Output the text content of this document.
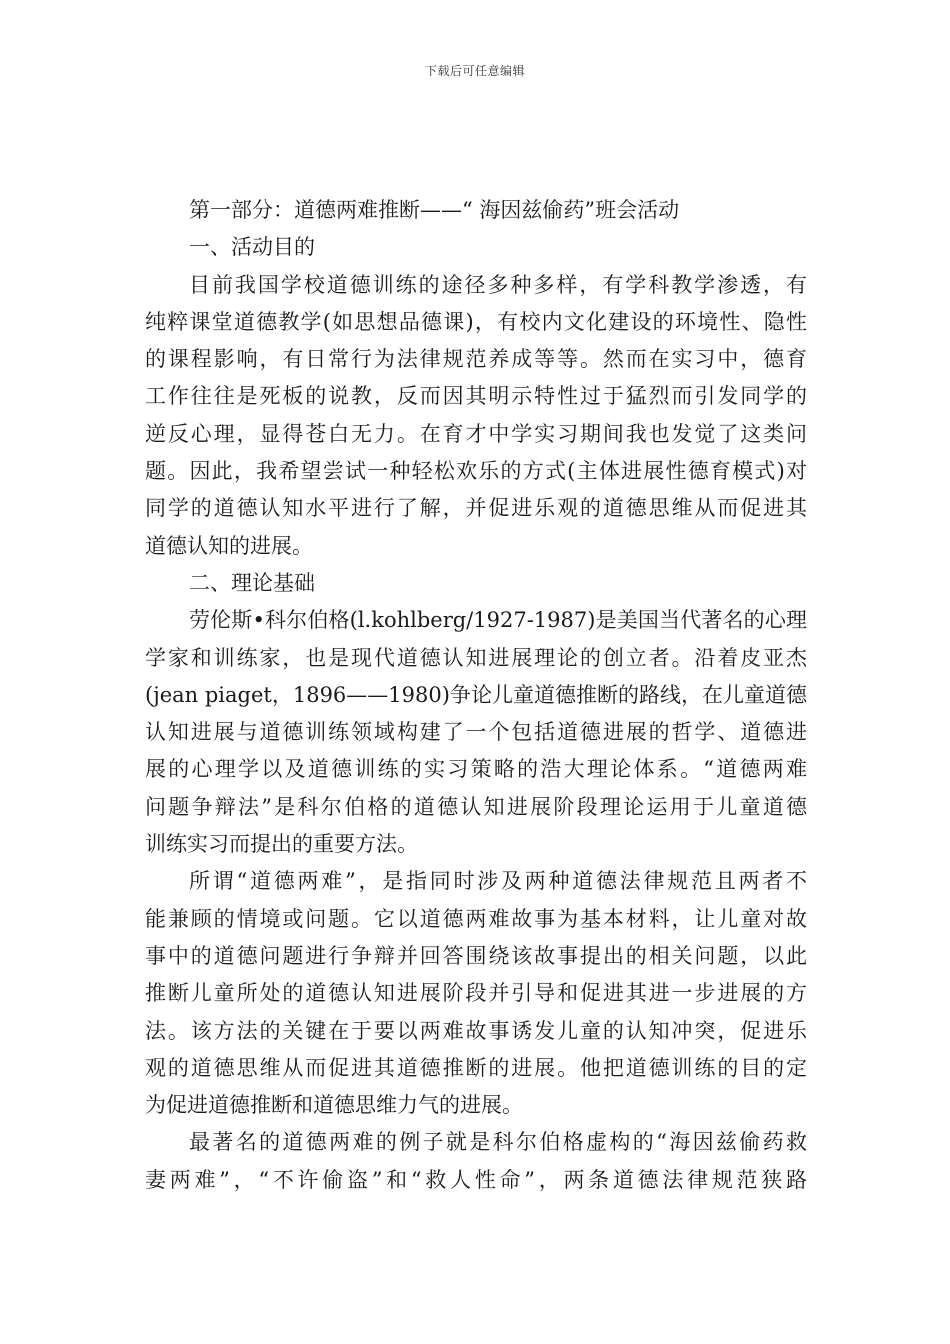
下载后可任意编辑
第一部分：道德两难推断——“ 海因兹偷药”班会活动
一、活动目的
目前我国学校道德训练的途径多种多样，有学科教学渗透，有
纯粹课堂道德教学(如思想品德课)，有校内文化建设的环境性、隐性
的课程影响，有日常行为法律规范养成等等。然而在实习中，德育
工作往往是死板的说教，反而因其明示特性过于猛烈而引发同学的
逆反心理，显得苍白无力。在育才中学实习期间我也发觉了这类问
题。因此，我希望尝试一种轻松欢乐的方式(主体进展性德育模式)对
同学的道德认知水平进行了解，并促进乐观的道德思维从而促进其
道德认知的进展。
二、理论基础
劳伦斯•科尔伯格(l.kohlberg/1927-1987)是美国当代著名的心理
学家和训练家，也是现代道德认知进展理论的创立者。沿着皮亚杰
(jean piaget，1896——1980)争论儿童道德推断的路线，在儿童道德
认知进展与道德训练领域构建了一个包括道德进展的哲学、道德进
展的心理学以及道德训练的实习策略的浩大理论体系。“道德两难
问题争辩法”是科尔伯格的道德认知进展阶段理论运用于儿童道德
训练实习而提出的重要方法。
所谓“道德两难”，是指同时涉及两种道德法律规范且两者不
能兼顾的情境或问题。它以道德两难故事为基本材料，让儿童对故
事中的道德问题进行争辩并回答围绕该故事提出的相关问题，以此
推断儿童所处的道德认知进展阶段并引导和促进其进一步进展的方
法。该方法的关键在于要以两难故事诱发儿童的认知冲突，促进乐
观的道德思维从而促进其道德推断的进展。他把道德训练的目的定
为促进道德推断和道德思维力气的进展。
最著名的道德两难的例子就是科尔伯格虚构的“海因兹偷药救
妻两难”，“不许偷盗”和“救人性命”，两条道德法律规范狭路
